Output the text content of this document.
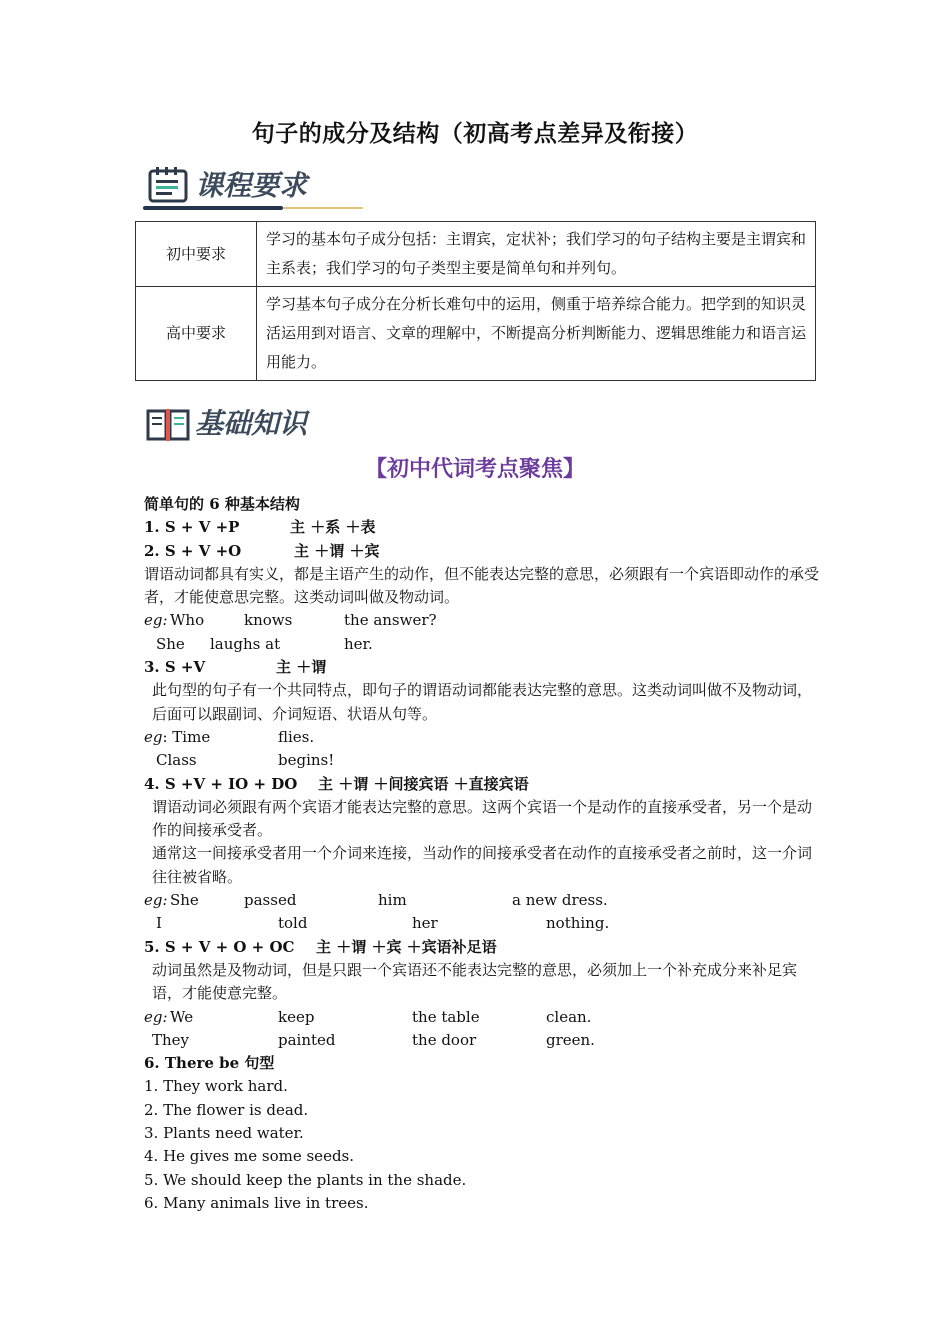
句子的成分及结构（初高考点差异及衔接）
课程要求
初中要求	学习的基本句子成分包括：主谓宾，定状补；我们学习的句子结构主要是主谓宾和主系表；我们学习的句子类型主要是简单句和并列句。
高中要求	学习基本句子成分在分析长难句中的运用，侧重于培养综合能力。把学到的知识灵活运用到对语言、文章的理解中，不断提高分析判断能力、逻辑思维能力和语言运用能力。
基础知识
【初中代词考点聚焦】
简单句的 6 种基本结构
1. S + V +P	主 ＋系 ＋表
2. S + V +O	主 ＋谓 ＋宾
谓语动词都具有实义，都是主语产生的动作，但不能表达完整的意思，必须跟有一个宾语即动作的承受者，才能使意思完整。这类动词叫做及物动词。
eg: Who	knows	the answer?
She laughs at	her.
3. S +V	主 ＋谓
此句型的句子有一个共同特点，即句子的谓语动词都能表达完整的意思。这类动词叫做不及物动词，后面可以跟副词、介词短语、状语从句等。
eg: Time	flies.
Class	begins!
4. S +V + IO + DO 主 ＋谓 ＋间接宾语 ＋直接宾语
谓语动词必须跟有两个宾语才能表达完整的意思。这两个宾语一个是动作的直接承受者，另一个是动作的间接承受者。
通常这一间接承受者用一个介词来连接，当动作的间接承受者在动作的直接承受者之前时，这一介词往往被省略。
eg: She	passed	him	a new dress.
I	told	her	nothing.
5. S + V + O + OC 主 ＋谓 ＋宾 ＋宾语补足语
动词虽然是及物动词，但是只跟一个宾语还不能表达完整的意思，必须加上一个补充成分来补足宾语，才能使意完整。
eg: We	keep	the table	clean.
They	painted	the door	green.
6. There be 句型
1. They work hard.
2. The flower is dead.
3. Plants need water.
4. He gives me some seeds.
5. We should keep the plants in the shade.
6. Many animals live in trees.
